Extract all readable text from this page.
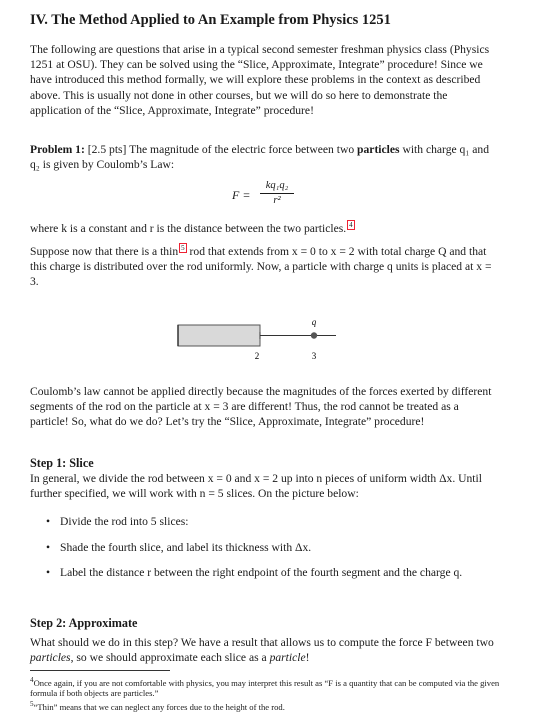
IV. The Method Applied to An Example from Physics 1251
The following are questions that arise in a typical second semester freshman physics class (Physics 1251 at OSU). They can be solved using the “Slice, Approximate, Integrate” procedure! Since we have introduced this method formally, we will explore these problems in the context as described above. This is usually not done in other courses, but we will do so here to demonstrate the application of the “Slice, Approximate, Integrate” procedure!
Problem 1: [2.5 pts] The magnitude of the electric force between two particles with charge q₁ and q₂ is given by Coulomb’s Law:
F =
kq₁q₂
r²
where k is a constant and r is the distance between the two particles. 4
Suppose now that there is a thin 5 rod that extends from x = 0 to x = 2 with total charge Q and that this charge is distributed over the rod uniformly. Now, a particle with charge q units is placed at x = 3.
q
2	3
Coulomb’s law cannot be applied directly because the magnitudes of the forces exerted by different segments of the rod on the particle at x = 3 are different! Thus, the rod cannot be treated as a particle! So, what do we do? Let’s try the “Slice, Approximate, Integrate” procedure!
Step 1: Slice
In general, we divide the rod between x = 0 and x = 2 up into n pieces of uniform width Δx. Until further specified, we will work with n = 5 slices. On the picture below:
• Divide the rod into 5 slices:
• Shade the fourth slice, and label its thickness with Δx.
• Label the distance r between the right endpoint of the fourth segment and the charge q.
Step 2: Approximate
What should we do in this step? We have a result that allows us to compute the force F between two particles, so we should approximate each slice as a particle!
$^4$Once again, if you are not comfortable with physics, you may interpret this result as “F is a quantity that can be computed via the given formula if both objects are particles.”
$^5$“Thin” means that we can neglect any forces due to the height of the rod.
